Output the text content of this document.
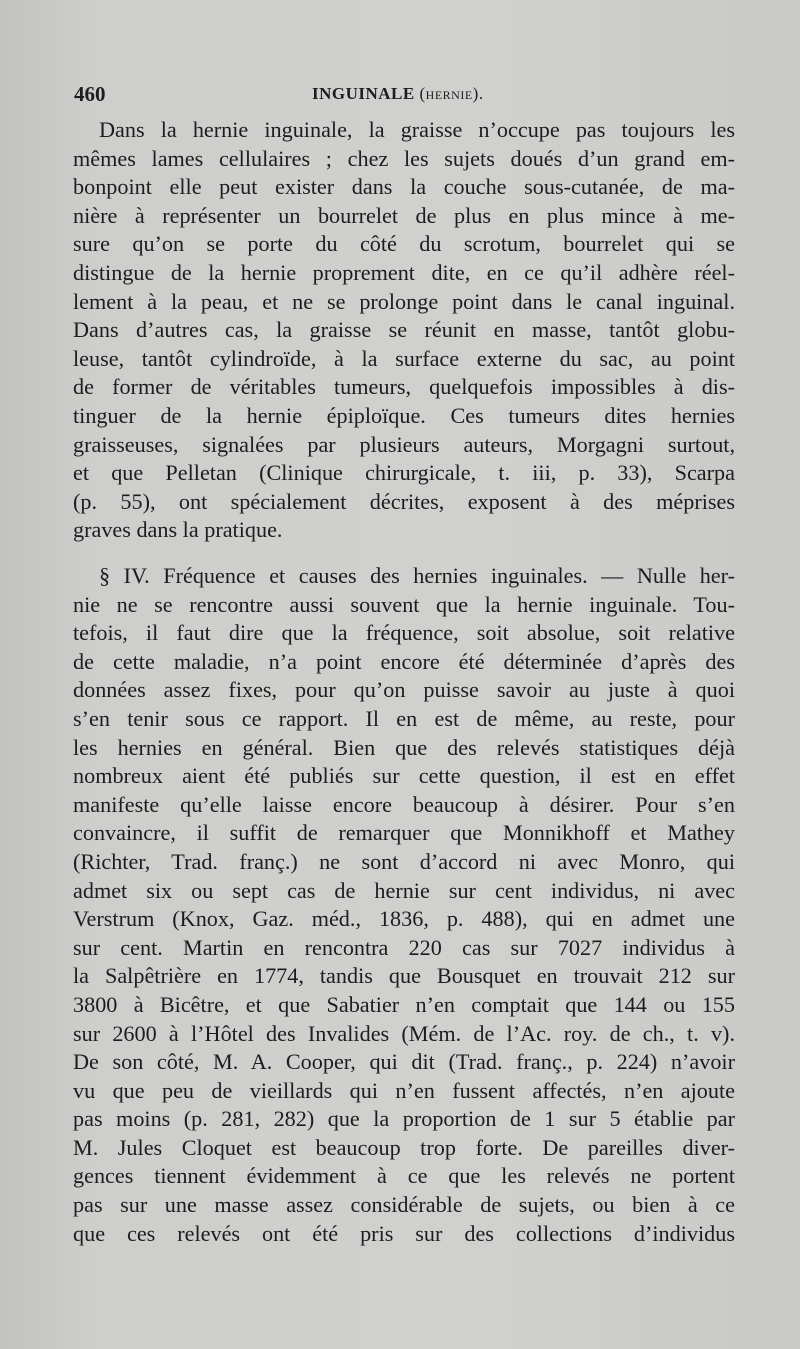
460	INGUINALE (hernie).
Dans la hernie inguinale, la graisse n’occupe pas toujours les
mêmes lames cellulaires ; chez les sujets doués d’un grand em-
bonpoint elle peut exister dans la couche sous-cutanée, de ma-
nière à représenter un bourrelet de plus en plus mince à me-
sure qu’on se porte du côté du scrotum, bourrelet qui se
distingue de la hernie proprement dite, en ce qu’il adhère réel-
lement à la peau, et ne se prolonge point dans le canal inguinal.
Dans d’autres cas, la graisse se réunit en masse, tantôt globu-
leuse, tantôt cylindroïde, à la surface externe du sac, au point
de former de véritables tumeurs, quelquefois impossibles à dis-
tinguer de la hernie épiploïque. Ces tumeurs dites hernies
graisseuses, signalées par plusieurs auteurs, Morgagni surtout,
et que Pelletan (Clinique chirurgicale, t. iii, p. 33), Scarpa
(p. 55), ont spécialement décrites, exposent à des méprises
graves dans la pratique.
§ IV. Fréquence et causes des hernies inguinales. — Nulle her-
nie ne se rencontre aussi souvent que la hernie inguinale. Tou-
tefois, il faut dire que la fréquence, soit absolue, soit relative
de cette maladie, n’a point encore été déterminée d’après des
données assez fixes, pour qu’on puisse savoir au juste à quoi
s’en tenir sous ce rapport. Il en est de même, au reste, pour
les hernies en général. Bien que des relevés statistiques déjà
nombreux aient été publiés sur cette question, il est en effet
manifeste qu’elle laisse encore beaucoup à désirer. Pour s’en
convaincre, il suffit de remarquer que Monnikhoff et Mathey
(Richter, Trad. franç.) ne sont d’accord ni avec Monro, qui
admet six ou sept cas de hernie sur cent individus, ni avec
Verstrum (Knox, Gaz. méd., 1836, p. 488), qui en admet une
sur cent. Martin en rencontra 220 cas sur 7027 individus à
la Salpêtrière en 1774, tandis que Bousquet en trouvait 212 sur
3800 à Bicêtre, et que Sabatier n’en comptait que 144 ou 155
sur 2600 à l’Hôtel des Invalides (Mém. de l’Ac. roy. de ch., t. v).
De son côté, M. A. Cooper, qui dit (Trad. franç., p. 224) n’avoir
vu que peu de vieillards qui n’en fussent affectés, n’en ajoute
pas moins (p. 281, 282) que la proportion de 1 sur 5 établie par
M. Jules Cloquet est beaucoup trop forte. De pareilles diver-
gences tiennent évidemment à ce que les relevés ne portent
pas sur une masse assez considérable de sujets, ou bien à ce
que ces relevés ont été pris sur des collections d’individus
